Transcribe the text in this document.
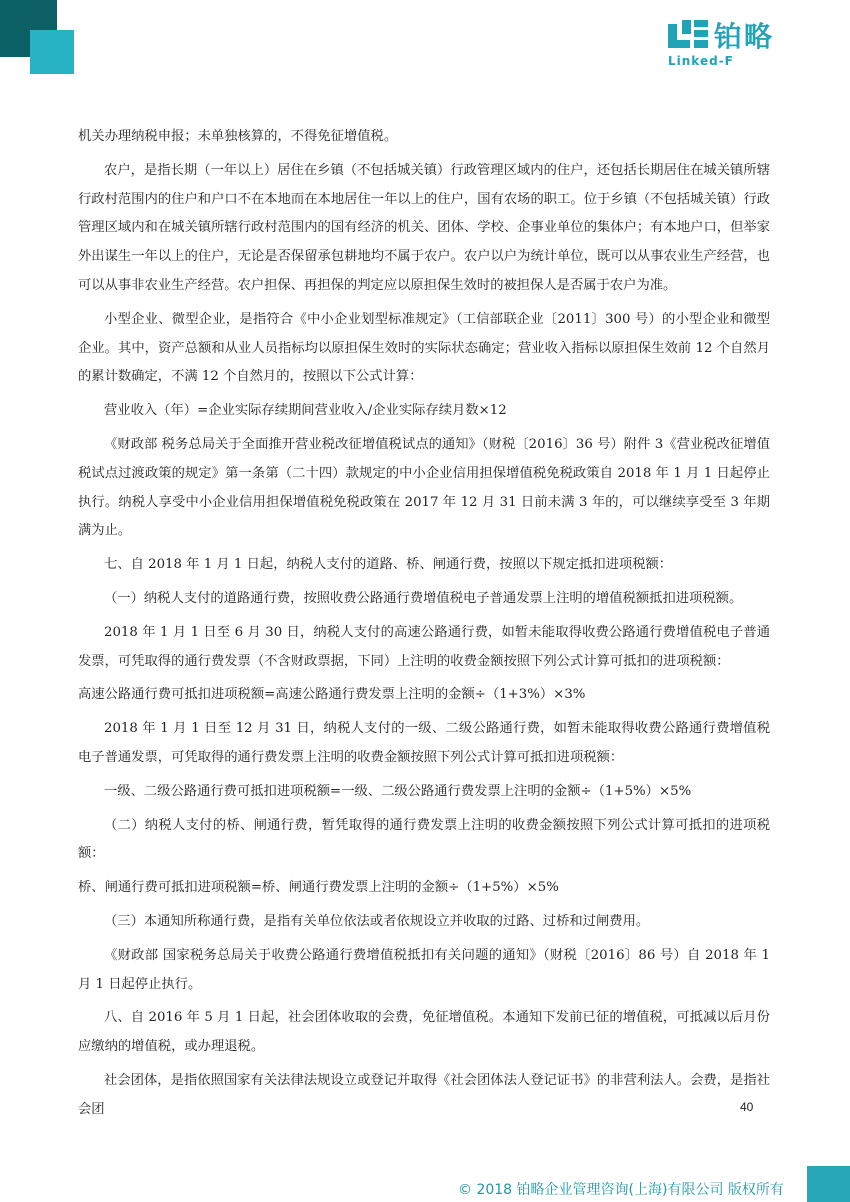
铂略
Linked-F

机关办理纳税申报；未单独核算的，不得免征增值税。

农户，是指长期（一年以上）居住在乡镇（不包括城关镇）行政管理区域内的住户，还包括长期居住在城关镇所辖行政村范围内的住户和户口不在本地而在本地居住一年以上的住户，国有农场的职工。位于乡镇（不包括城关镇）行政管理区域内和在城关镇所辖行政村范围内的国有经济的机关、团体、学校、企事业单位的集体户；有本地户口，但举家外出谋生一年以上的住户，无论是否保留承包耕地均不属于农户。农户以户为统计单位，既可以从事农业生产经营，也可以从事非农业生产经营。农户担保、再担保的判定应以原担保生效时的被担保人是否属于农户为准。

小型企业、微型企业，是指符合《中小企业划型标准规定》（工信部联企业〔2011〕300 号）的小型企业和微型企业。其中，资产总额和从业人员指标均以原担保生效时的实际状态确定；营业收入指标以原担保生效前 12 个自然月的累计数确定，不满 12 个自然月的，按照以下公式计算：

营业收入（年）=企业实际存续期间营业收入/企业实际存续月数×12

《财政部 税务总局关于全面推开营业税改征增值税试点的通知》（财税〔2016〕36 号）附件 3《营业税改征增值税试点过渡政策的规定》第一条第（二十四）款规定的中小企业信用担保增值税免税政策自 2018 年 1 月 1 日起停止执行。纳税人享受中小企业信用担保增值税免税政策在 2017 年 12 月 31 日前未满 3 年的，可以继续享受至 3 年期满为止。

七、自 2018 年 1 月 1 日起，纳税人支付的道路、桥、闸通行费，按照以下规定抵扣进项税额：

（一）纳税人支付的道路通行费，按照收费公路通行费增值税电子普通发票上注明的增值税额抵扣进项税额。

2018 年 1 月 1 日至 6 月 30 日，纳税人支付的高速公路通行费，如暂未能取得收费公路通行费增值税电子普通发票，可凭取得的通行费发票（不含财政票据，下同）上注明的收费金额按照下列公式计算可抵扣的进项税额：

高速公路通行费可抵扣进项税额=高速公路通行费发票上注明的金额÷（1+3%）×3%

2018 年 1 月 1 日至 12 月 31 日，纳税人支付的一级、二级公路通行费，如暂未能取得收费公路通行费增值税电子普通发票，可凭取得的通行费发票上注明的收费金额按照下列公式计算可抵扣进项税额：

一级、二级公路通行费可抵扣进项税额=一级、二级公路通行费发票上注明的金额÷（1+5%）×5%

（二）纳税人支付的桥、闸通行费，暂凭取得的通行费发票上注明的收费金额按照下列公式计算可抵扣的进项税额：

桥、闸通行费可抵扣进项税额=桥、闸通行费发票上注明的金额÷（1+5%）×5%

（三）本通知所称通行费，是指有关单位依法或者依规设立并收取的过路、过桥和过闸费用。

《财政部 国家税务总局关于收费公路通行费增值税抵扣有关问题的通知》（财税〔2016〕86 号）自 2018 年 1 月 1 日起停止执行。

八、自 2016 年 5 月 1 日起，社会团体收取的会费，免征增值税。本通知下发前已征的增值税，可抵减以后月份应缴纳的增值税，或办理退税。

社会团体，是指依照国家有关法律法规设立或登记并取得《社会团体法人登记证书》的非营利法人。会费，是指社会团	40
© 2018 铂略企业管理咨询(上海)有限公司 版权所有
